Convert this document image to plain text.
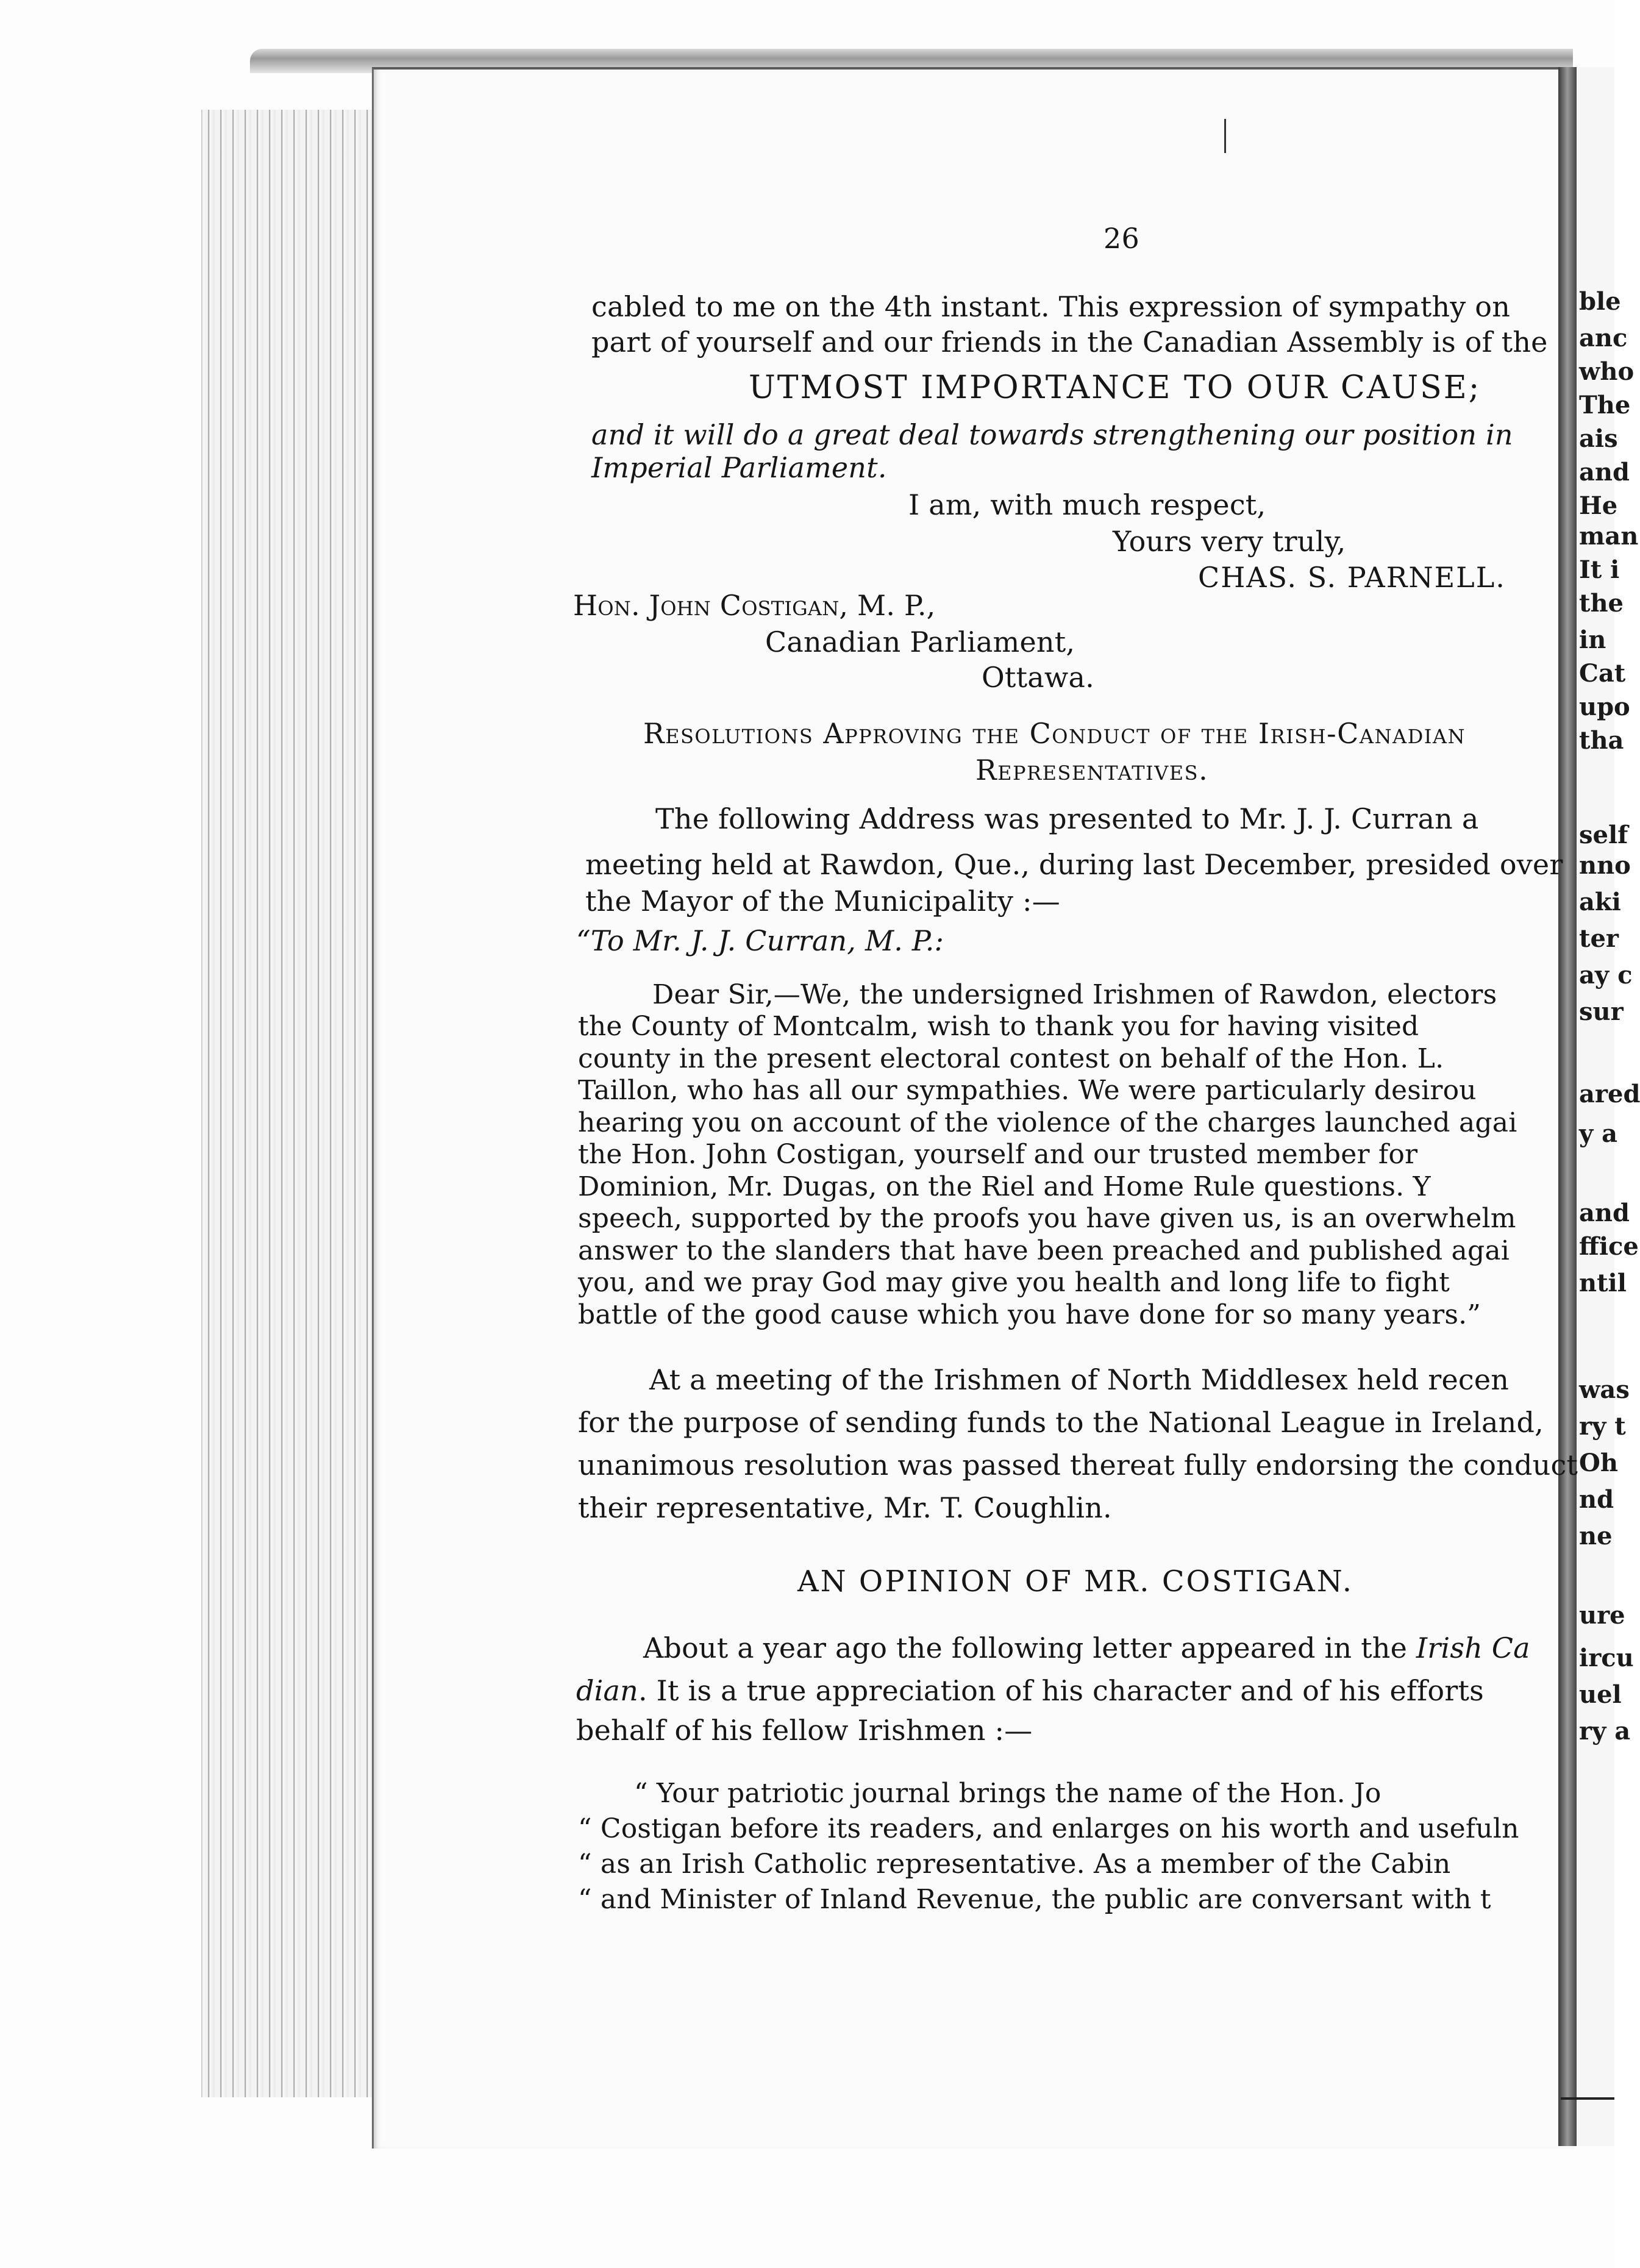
ble
anc
who
The
ais
and
He
man
It i
the
in
Cat
upo
tha
self
nno
aki
ter
ay c
sur
ared
y a
and
ffice
ntil
was
ry t
Oh
nd
ne
ure
ircu
uel
ry a
26
cabled to me on the 4th instant. This expression of sympathy on
part of yourself and our friends in the Canadian Assembly is of the
UTMOST IMPORTANCE TO OUR CAUSE;
and it will do a great deal towards strengthening our position in
Imperial Parliament.
I am, with much respect,
Yours very truly,
CHAS. S. PARNELL.
Hon. John Costigan, M. P.,
Canadian Parliament,
Ottawa.
Resolutions Approving the Conduct of the Irish-Canadian
Representatives.
The following Address was presented to Mr. J. J. Curran a
meeting held at Rawdon, Que., during last December, presided over
the Mayor of the Municipality :—
“To Mr. J. J. Curran, M. P.:
Dear Sir,—We, the undersigned Irishmen of Rawdon, electors
the County of Montcalm, wish to thank you for having visited
county in the present electoral contest on behalf of the Hon. L.
Taillon, who has all our sympathies. We were particularly desirou
hearing you on account of the violence of the charges launched agai
the Hon. John Costigan, yourself and our trusted member for
Dominion, Mr. Dugas, on the Riel and Home Rule questions. Y
speech, supported by the proofs you have given us, is an overwhelm
answer to the slanders that have been preached and published agai
you, and we pray God may give you health and long life to fight
battle of the good cause which you have done for so many years.”
At a meeting of the Irishmen of North Middlesex held recen
for the purpose of sending funds to the National League in Ireland,
unanimous resolution was passed thereat fully endorsing the conduct
their representative, Mr. T. Coughlin.
AN OPINION OF MR. COSTIGAN.
About a year ago the following letter appeared in the Irish Ca
dian. It is a true appreciation of his character and of his efforts
behalf of his fellow Irishmen :—
“ Your patriotic journal brings the name of the Hon. Jo
“ Costigan before its readers, and enlarges on his worth and usefuln
“ as an Irish Catholic representative. As a member of the Cabin
“ and Minister of Inland Revenue, the public are conversant with t
